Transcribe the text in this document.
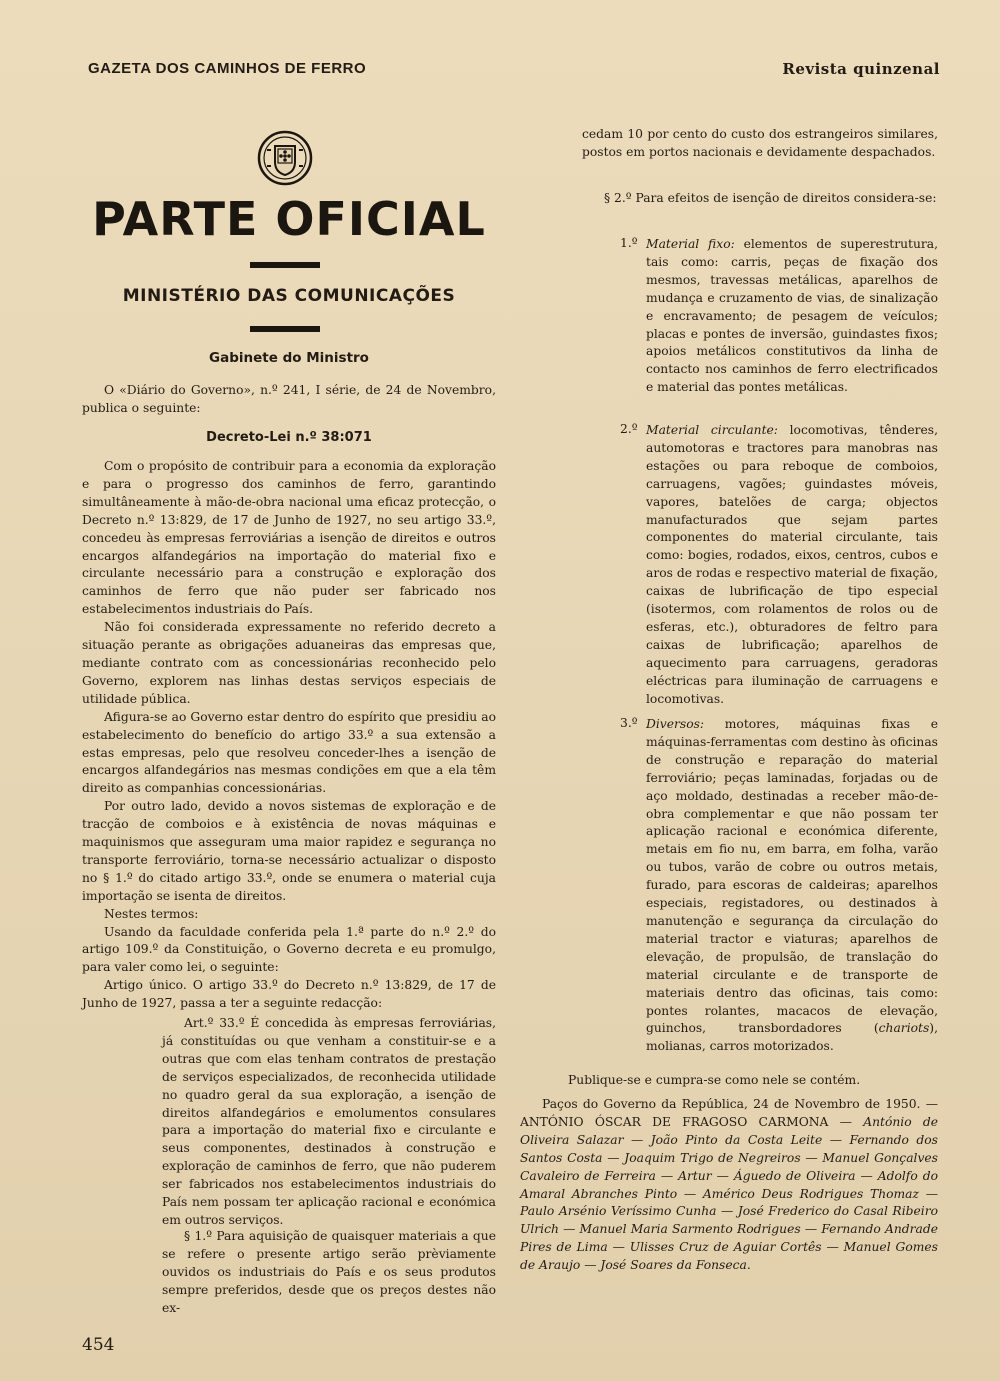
GAZETA DOS CAMINHOS DE FERRO	Revista quinzenal
PARTE OFICIAL
MINISTÉRIO DAS COMUNICAÇÕES
Gabinete do Ministro

O «Diário do Governo», n.º 241, I série, de 24 de Novembro, publica o seguinte:

Decreto-Lei n.º 38:071

Com o propósito de contribuir para a economia da exploração e para o progresso dos caminhos de ferro, garantindo simultâneamente à mão-de-obra nacional uma eficaz protecção, o Decreto n.º 13:829, de 17 de Junho de 1927, no seu artigo 33.º, concedeu às empresas ferroviárias a isenção de direitos e outros encargos alfandegários na importação do material fixo e circulante necessário para a construção e exploração dos caminhos de ferro que não puder ser fabricado nos estabelecimentos industriais do País.

Não foi considerada expressamente no referido decreto a situação perante as obrigações aduaneiras das empresas que, mediante contrato com as concessionárias reconhecido pelo Governo, explorem nas linhas destas serviços especiais de utilidade pública.

Afigura-se ao Governo estar dentro do espírito que presidiu ao estabelecimento do benefício do artigo 33.º a sua extensão a estas empresas, pelo que resolveu conceder-lhes a isenção de encargos alfandegários nas mesmas condições em que a ela têm direito as companhias concessionárias.

Por outro lado, devido a novos sistemas de exploração e de tracção de comboios e à existência de novas máquinas e maquinismos que asseguram uma maior rapidez e segurança no transporte ferroviário, torna-se necessário actualizar o disposto no § 1.º do citado artigo 33.º, onde se enumera o material cuja importação se isenta de direitos.

Nestes termos:

Usando da faculdade conferida pela 1.ª parte do n.º 2.º do artigo 109.º da Constituição, o Governo decreta e eu promulgo, para valer como lei, o seguinte:

Artigo único. O artigo 33.º do Decreto n.º 13:829, de 17 de Junho de 1927, passa a ter a seguinte redacção:

Art.º 33.º É concedida às empresas ferroviárias, já constituídas ou que venham a constituir-se e a outras que com elas tenham contratos de prestação de serviços especializados, de reconhecida utilidade no quadro geral da sua exploração, a isenção de direitos alfandegários e emolumentos consulares para a importação do material fixo e circulante e seus componentes, destinados à construção e exploração de caminhos de ferro, que não puderem ser fabricados nos estabelecimentos industriais do País nem possam ter aplicação racional e económica em outros serviços.

§ 1.º Para aquisição de quaisquer materiais a que se refere o presente artigo serão prèviamente ouvidos os industriais do País e os seus produtos sempre preferidos, desde que os preços destes não ex-

454

cedam 10 por cento do custo dos estrangeiros similares, postos em portos nacionais e devidamente despachados.

§ 2.º Para efeitos de isenção de direitos considera-se:

1.º Material fixo: elementos de superestrutura, tais como: carris, peças de fixação dos mesmos, travessas metálicas, aparelhos de mudança e cruzamento de vias, de sinalização e encravamento; de pesagem de veículos; placas e pontes de inversão, guindastes fixos; apoios metálicos constitutivos da linha de contacto nos caminhos de ferro electrificados e material das pontes metálicas.
2.º Material circulante: locomotivas, tênderes, automotoras e tractores para manobras nas estações ou para reboque de comboios, carruagens, vagões; guindastes móveis, vapores, batelões de carga; objectos manufacturados que sejam partes componentes do material circulante, tais como: bogies, rodados, eixos, centros, cubos e aros de rodas e respectivo material de fixação, caixas de lubrificação de tipo especial (isotermos, com rolamentos de rolos ou de esferas, etc.), obturadores de feltro para caixas de lubrificação; aparelhos de aquecimento para carruagens, geradoras eléctricas para iluminação de carruagens e locomotivas.
3.º Diversos: motores, máquinas fixas e máquinas-ferramentas com destino às oficinas de construção e reparação do material ferroviário; peças laminadas, forjadas ou de aço moldado, destinadas a receber mão-de-obra complementar e que não possam ter aplicação racional e económica diferente, metais em fio nu, em barra, em folha, varão ou tubos, varão de cobre ou outros metais, furado, para escoras de caldeiras; aparelhos especiais, registadores, ou destinados à manutenção e segurança da circulação do material tractor e viaturas; aparelhos de elevação, de propulsão, de translação do material circulante e de transporte de materiais dentro das oficinas, tais como: pontes rolantes, macacos de elevação, guinchos, transbordadores (chariots), molianas, carros motorizados.

Publique-se e cumpra-se como nele se contém.

Paços do Governo da República, 24 de Novembro de 1950. — ANTÓNIO ÓSCAR DE FRAGOSO CARMONA — António de Oliveira Salazar — João Pinto da Costa Leite — Fernando dos Santos Costa — Joaquim Trigo de Negreiros — Manuel Gonçalves Cavaleiro de Ferreira — Artur — Águedo de Oliveira — Adolfo do Amaral Abranches Pinto — Américo Deus Rodrigues Thomaz — Paulo Arsénio Veríssimo Cunha — José Frederico do Casal Ribeiro Ulrich — Manuel Maria Sarmento Rodrigues — Fernando Andrade Pires de Lima — Ulisses Cruz de Aguiar Cortês — Manuel Gomes de Araujo — José Soares da Fonseca.
